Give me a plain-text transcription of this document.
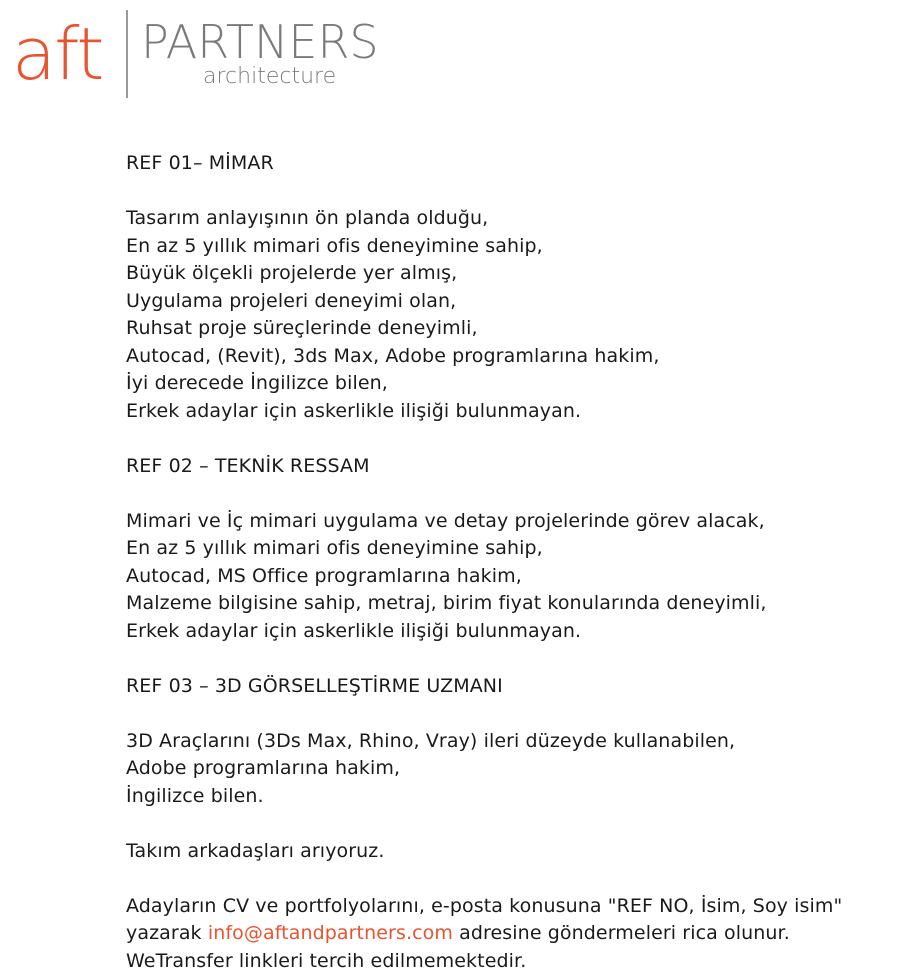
aft PARTNERS
architecture
REF 01– MİMAR
Tasarım anlayışının ön planda olduğu,
En az 5 yıllık mimari ofis deneyimine sahip,
Büyük ölçekli projelerde yer almış,
Uygulama projeleri deneyimi olan,
Ruhsat proje süreçlerinde deneyimli,
Autocad, (Revit), 3ds Max, Adobe programlarına hakim,
İyi derecede İngilizce bilen,
Erkek adaylar için askerlikle ilişiği bulunmayan.
REF 02 – TEKNİK RESSAM
Mimari ve İç mimari uygulama ve detay projelerinde görev alacak,
En az 5 yıllık mimari ofis deneyimine sahip,
Autocad, MS Office programlarına hakim,
Malzeme bilgisine sahip, metraj, birim fiyat konularında deneyimli,
Erkek adaylar için askerlikle ilişiği bulunmayan.
REF 03 – 3D GÖRSELLEŞTİRME UZMANI
3D Araçlarını (3Ds Max, Rhino, Vray) ileri düzeyde kullanabilen,
Adobe programlarına hakim,
İngilizce bilen.
Takım arkadaşları arıyoruz.
Adayların CV ve portfolyolarını, e-posta konusuna "REF NO, İsim, Soy isim"
yazarak info@aftandpartners.com adresine göndermeleri rica olunur.
WeTransfer linkleri tercih edilmemektedir.
